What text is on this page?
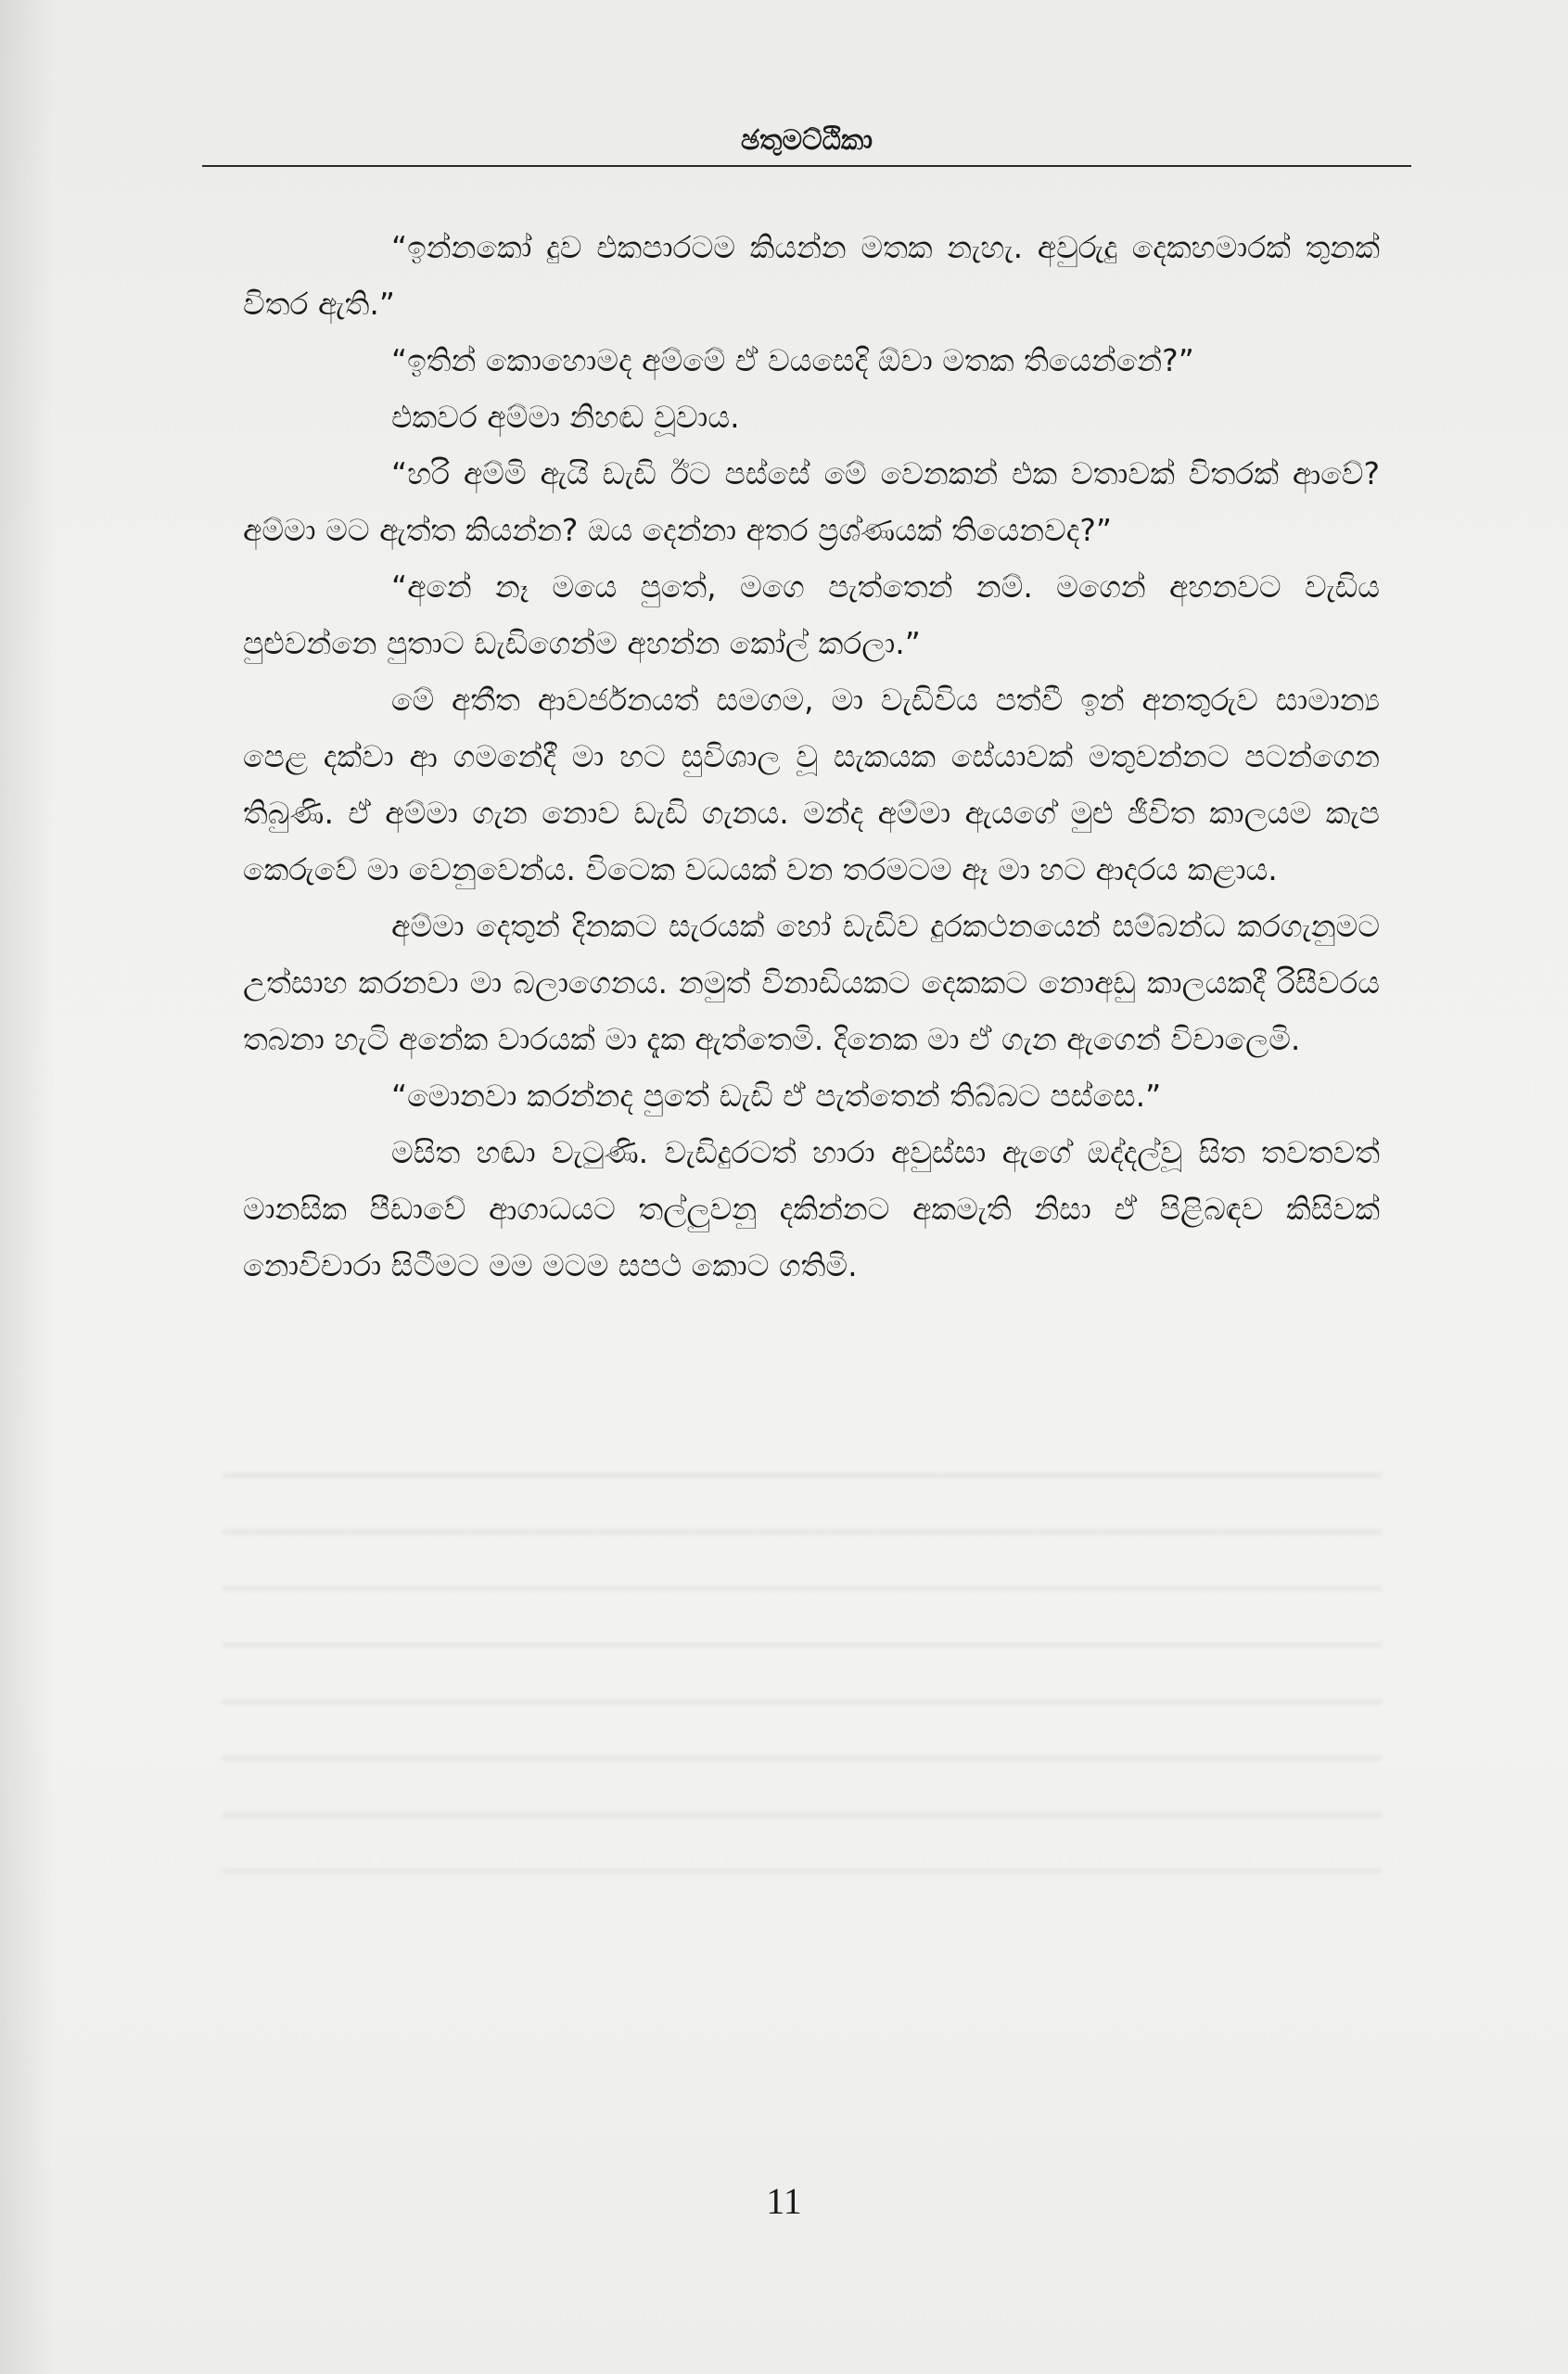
ඡතුමට්ඨිකා

“ඉන්නකෝ දුව එකපාරටම කියන්න මතක නැහැ. අවුරුදු දෙකහමාරක් තුනක් විතර ඇති.”

“ඉතින් කොහොමද අම්මේ ඒ වයසෙදි ඕවා මතක තියෙන්නේ?”

එකවර අම්මා නිහඬ වූවාය.

“හරි අම්මි ඇයි ඩැඩි ඊට පස්සේ මේ වෙනකන් එක වතාවක් විතරක් ආවේ? අම්මා මට ඇත්ත කියන්න? ඔය දෙන්නා අතර ප්‍රශ්ණයක් තියෙනවද?”

“අනේ නෑ මයෙ පුතේ, මගෙ පැත්තෙන් නම්. මගෙන් අහනවට වැඩිය පුළුවන්නෙ පුතාට ඩැඩිගෙන්ම අහන්න කෝල් කරලා.”

මේ අතීත ආවර්ජනයත් සමගම, මා වැඩිවිය පත්වී ඉන් අනතුරුව සාමාන්‍ය පෙළ දක්වා ආ ගමනේදී මා හට සුවිශාල වූ සැකයක සේයාවක් මතුවන්නට පටන්ගෙන තිබුණි. ඒ අම්මා ගැන නොව ඩැඩි ගැනය. මන්ද අම්මා ඇයගේ මුළු ජීවිත කාලයම කැප කෙරුවේ මා වෙනුවෙන්ය. විටෙක වධයක් වන තරමටම ඈ මා හට ආදරය කළාය.

අම්මා දෙතුන් දිනකට සැරයක් හෝ ඩැඩිව දුරකථනයෙන් සම්බන්ධ කරගැනුමට උත්සාහ කරනවා මා බලාගෙනය. නමුත් විනාඩියකට දෙකකට නොඅඩු කාලයකදී රිසීවරය තබනා හැටි අනේක වාරයක් මා දැක ඇත්තෙමි. දිනෙක මා ඒ ගැන ඇගෙන් විචාලෙමි.

“මොනවා කරන්නද පුතේ ඩැඩි ඒ පැත්තෙන් තිබ්බට පස්සෙ.”

මසිත හඬා වැටුණි. වැඩිදුරටත් හාරා අවුස්සා ඇගේ ඔද්දල්වූ සිත තවතවත් මානසික පීඩාවේ ආගාධයට තල්ලුවනු දකින්නට අකමැති නිසා ඒ පිළිබඳව කිසිවක් නොවිචාරා සිටීමට මම මටම සපථ කොට ගතිමි.

11
